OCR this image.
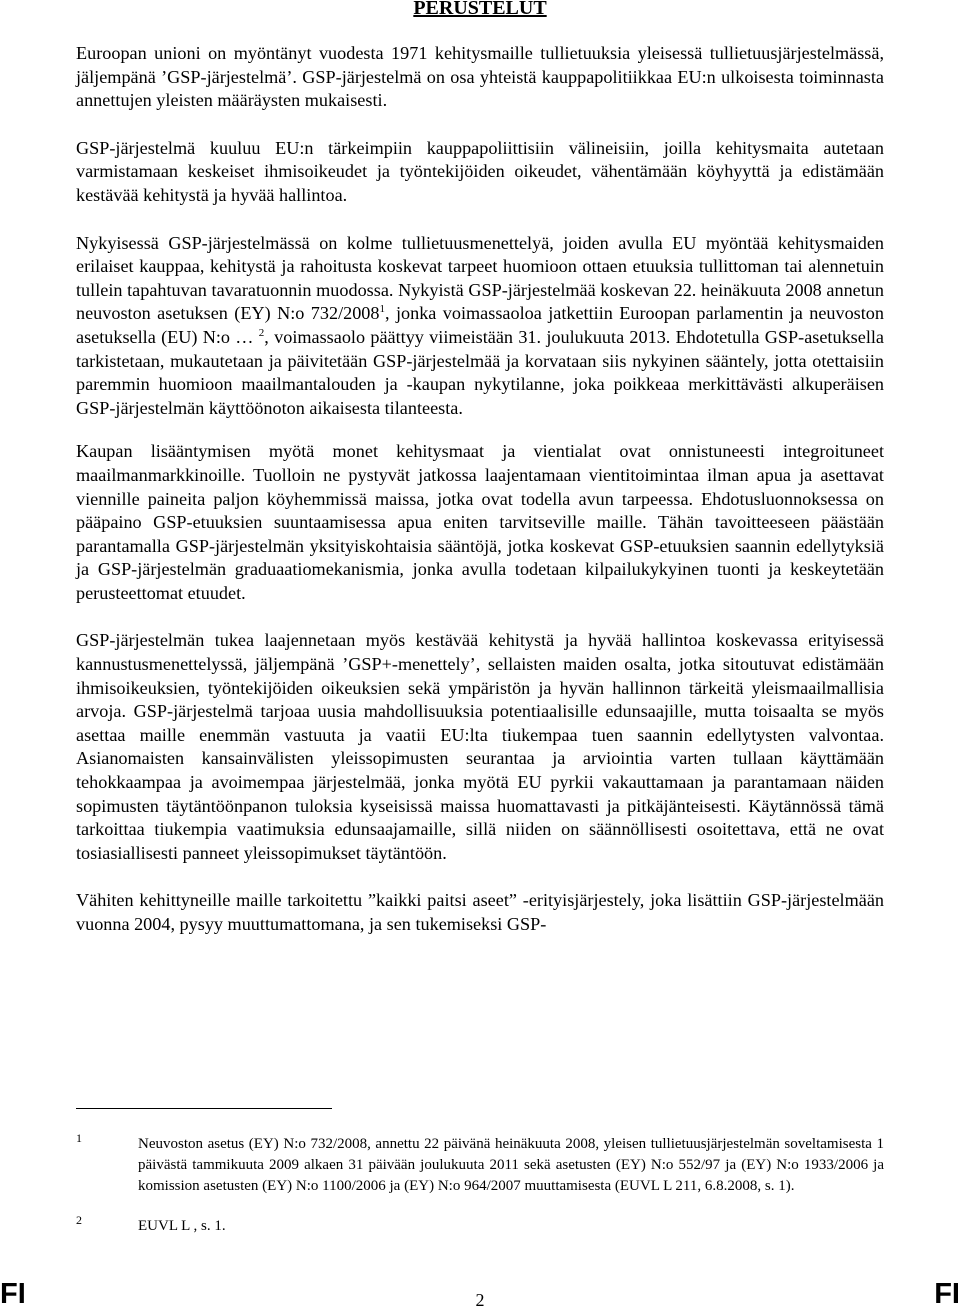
PERUSTELUT

Euroopan unioni on myöntänyt vuodesta 1971 kehitysmaille tullietuuksia yleisessä tullietuusjärjestelmässä, jäljempänä ’GSP-järjestelmä’. GSP-järjestelmä on osa yhteistä kauppapolitiikkaa EU:n ulkoisesta toiminnasta annettujen yleisten määräysten mukaisesti.

GSP-järjestelmä kuuluu EU:n tärkeimpiin kauppapoliittisiin välineisiin, joilla kehitysmaita autetaan varmistamaan keskeiset ihmisoikeudet ja työntekijöiden oikeudet, vähentämään köyhyyttä ja edistämään kestävää kehitystä ja hyvää hallintoa.

Nykyisessä GSP-järjestelmässä on kolme tullietuusmenettelyä, joiden avulla EU myöntää kehitysmaiden erilaiset kauppaa, kehitystä ja rahoitusta koskevat tarpeet huomioon ottaen etuuksia tullittoman tai alennetuin tullein tapahtuvan tavaratuonnin muodossa. Nykyistä GSP-järjestelmää koskevan 22. heinäkuuta 2008 annetun neuvoston asetuksen (EY) N:o 732/2008$^1$, jonka voimassaoloa jatkettiin Euroopan parlamentin ja neuvoston asetuksella (EU) N:o … $^2$, voimassaolo päättyy viimeistään 31. joulukuuta 2013. Ehdotetulla GSP-asetuksella tarkistetaan, mukautetaan ja päivitetään GSP-järjestelmää ja korvataan siis nykyinen sääntely, jotta otettaisiin paremmin huomioon maailmantalouden ja -kaupan nykytilanne, joka poikkeaa merkittävästi alkuperäisen GSP-järjestelmän käyttöönoton aikaisesta tilanteesta.

Kaupan lisääntymisen myötä monet kehitysmaat ja vientialat ovat onnistuneesti integroituneet maailmanmarkkinoille. Tuolloin ne pystyvät jatkossa laajentamaan vientitoimintaa ilman apua ja asettavat viennille paineita paljon köyhemmissä maissa, jotka ovat todella avun tarpeessa. Ehdotusluonnoksessa on pääpaino GSP-etuuksien suuntaamisessa apua eniten tarvitseville maille. Tähän tavoitteeseen päästään parantamalla GSP-järjestelmän yksityiskohtaisia sääntöjä, jotka koskevat GSP-etuuksien saannin edellytyksiä ja GSP-järjestelmän graduaatiomekanismia, jonka avulla todetaan kilpailukykyinen tuonti ja keskeytetään perusteettomat etuudet.

GSP-järjestelmän tukea laajennetaan myös kestävää kehitystä ja hyvää hallintoa koskevassa erityisessä kannustusmenettelyssä, jäljempänä ’GSP+-menettely’, sellaisten maiden osalta, jotka sitoutuvat edistämään ihmisoikeuksien, työntekijöiden oikeuksien sekä ympäristön ja hyvän hallinnon tärkeitä yleismaailmallisia arvoja. GSP-järjestelmä tarjoaa uusia mahdollisuuksia potentiaalisille edunsaajille, mutta toisaalta se myös asettaa maille enemmän vastuuta ja vaatii EU:lta tiukempaa tuen saannin edellytysten valvontaa. Asianomaisten kansainvälisten yleissopimusten seurantaa ja arviointia varten tullaan käyttämään tehokkaampaa ja avoimempaa järjestelmää, jonka myötä EU pyrkii vakauttamaan ja parantamaan näiden sopimusten täytäntöönpanon tuloksia kyseisissä maissa huomattavasti ja pitkäjänteisesti. Käytännössä tämä tarkoittaa tiukempia vaatimuksia edunsaajamaille, sillä niiden on säännöllisesti osoitettava, että ne ovat tosiasiallisesti panneet yleissopimukset täytäntöön.

Vähiten kehittyneille maille tarkoitettu ”kaikki paitsi aseet” -erityisjärjestely, joka lisättiin GSP-järjestelmään vuonna 2004, pysyy muuttumattomana, ja sen tukemiseksi GSP-

1	Neuvoston asetus (EY) N:o 732/2008, annettu 22 päivänä heinäkuuta 2008, yleisen tullietuusjärjestelmän soveltamisesta 1 päivästä tammikuuta 2009 alkaen 31 päivään joulukuuta 2011 sekä asetusten (EY) N:o 552/97 ja (EY) N:o 1933/2006 ja komission asetusten (EY) N:o 1100/2006 ja (EY) N:o 964/2007 muuttamisesta (EUVL L 211, 6.8.2008, s. 1).
2	EUVL L , s. 1.
FI	2	FI
